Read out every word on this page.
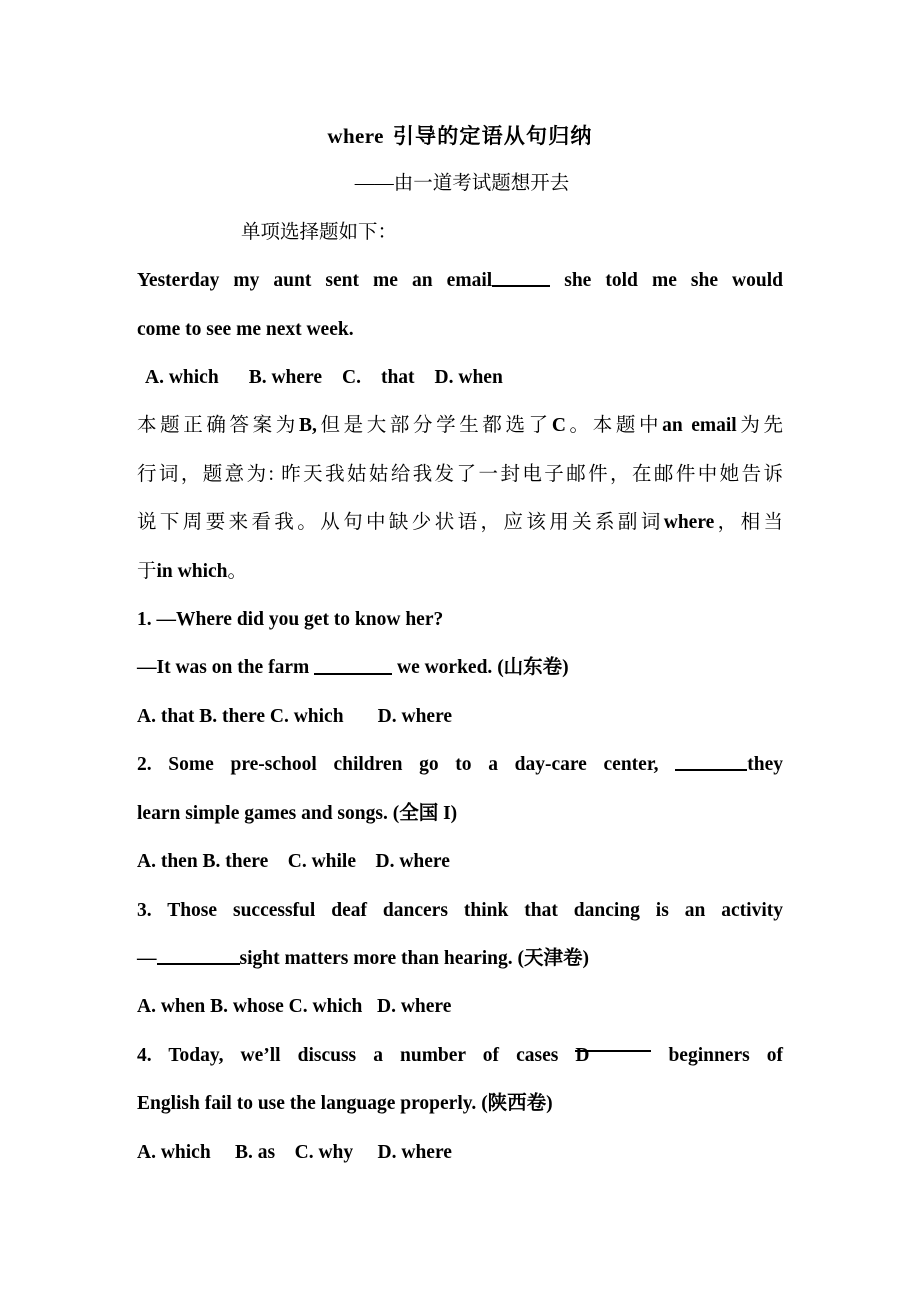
where 引导的定语从句归纳
——由一道考试题想开去
单项选择题如下：
Yesterday my aunt sent me an email	she told me she would
come to see me next week.
A. which B. where C. that D. when
本题正确答案为B,但是大部分学生都选了C。本题中an email为先
行词，题意为: 昨天我姑姑给我发了一封电子邮件，在邮件中她告诉
说下周要来看我。从句中缺少状语，应该用关系副词where，相当
于in which。
1. —Where did you get to know her?
—It was on the farm	we worked. (山东卷)
A. that B. there C. which       D. where
2. Some pre-school children go to a day-care center,	they
learn simple games and songs. (全国 I)
A. then B. there    C. while    D. where
3. Those successful deaf dancers think that dancing is an activity
—	sight matters more than hearing. (天津卷)
A. when B. whose C. which   D. where
4. Today, we’ll discuss a number of cases D	beginners of
English fail to use the language properly. (陕西卷)
A. which     B. as    C. why     D. where
